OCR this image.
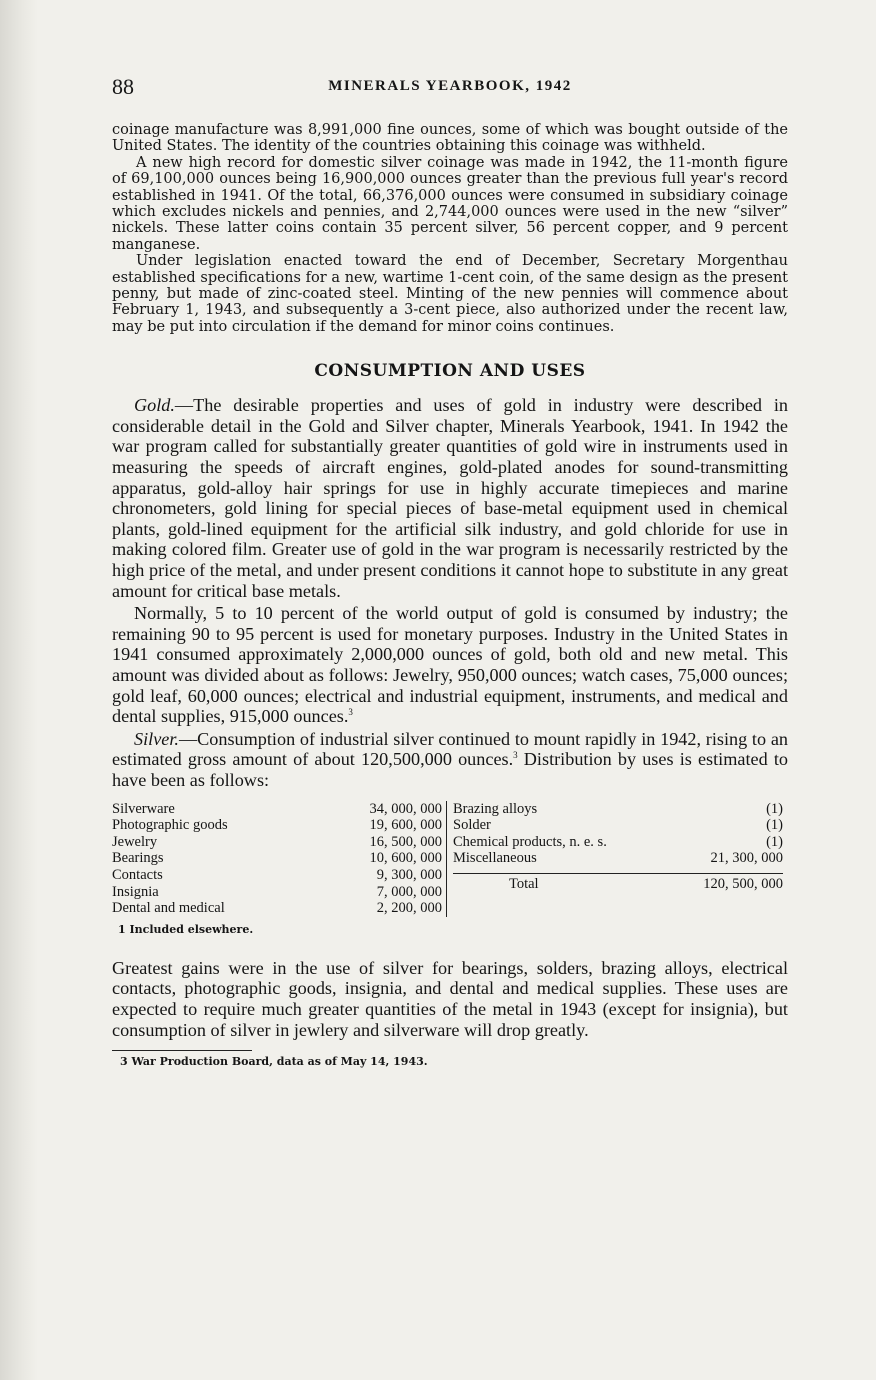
88	MINERALS YEARBOOK, 1942

coinage manufacture was 8,991,000 fine ounces, some of which was bought outside of the United States. The identity of the countries obtaining this coinage was withheld.

A new high record for domestic silver coinage was made in 1942, the 11-month figure of 69,100,000 ounces being 16,900,000 ounces greater than the previous full year's record established in 1941. Of the total, 66,376,000 ounces were consumed in subsidiary coinage which excludes nickels and pennies, and 2,744,000 ounces were used in the new “silver” nickels. These latter coins contain 35 percent silver, 56 percent copper, and 9 percent manganese.

Under legislation enacted toward the end of December, Secretary Morgenthau established specifications for a new, wartime 1-cent coin, of the same design as the present penny, but made of zinc-coated steel. Minting of the new pennies will commence about February 1, 1943, and subsequently a 3-cent piece, also authorized under the recent law, may be put into circulation if the demand for minor coins continues.

CONSUMPTION AND USES

Gold.—The desirable properties and uses of gold in industry were described in considerable detail in the Gold and Silver chapter, Minerals Yearbook, 1941. In 1942 the war program called for substantially greater quantities of gold wire in instruments used in measuring the speeds of aircraft engines, gold-plated anodes for sound-transmitting apparatus, gold-alloy hair springs for use in highly accurate timepieces and marine chronometers, gold lining for special pieces of base-metal equipment used in chemical plants, gold-lined equipment for the artificial silk industry, and gold chloride for use in making colored film. Greater use of gold in the war program is necessarily restricted by the high price of the metal, and under present conditions it cannot hope to substitute in any great amount for critical base metals.

Normally, 5 to 10 percent of the world output of gold is consumed by industry; the remaining 90 to 95 percent is used for monetary purposes. Industry in the United States in 1941 consumed approximately 2,000,000 ounces of gold, both old and new metal. This amount was divided about as follows: Jewelry, 950,000 ounces; watch cases, 75,000 ounces; gold leaf, 60,000 ounces; electrical and industrial equipment, instruments, and medical and dental supplies, 915,000 ounces.$^3$

Silver.—Consumption of industrial silver continued to mount rapidly in 1942, rising to an estimated gross amount of about 120,500,000 ounces.$^3$ Distribution by uses is estimated to have been as follows:

Silverware	34, 000, 000
Photographic goods	19, 600, 000
Jewelry	16, 500, 000
Bearings	10, 600, 000
Contacts	9, 300, 000
Insignia	7, 000, 000
Dental and medical	2, 200, 000
Brazing alloys	(1)
Solder	(1)
Chemical products, n. e. s.	(1)
Miscellaneous	21, 300, 000
Total	120, 500, 000
1 Included elsewhere.

Greatest gains were in the use of silver for bearings, solders, brazing alloys, electrical contacts, photographic goods, insignia, and dental and medical supplies. These uses are expected to require much greater quantities of the metal in 1943 (except for insignia), but consumption of silver in jewlery and silverware will drop greatly.

3 War Production Board, data as of May 14, 1943.
